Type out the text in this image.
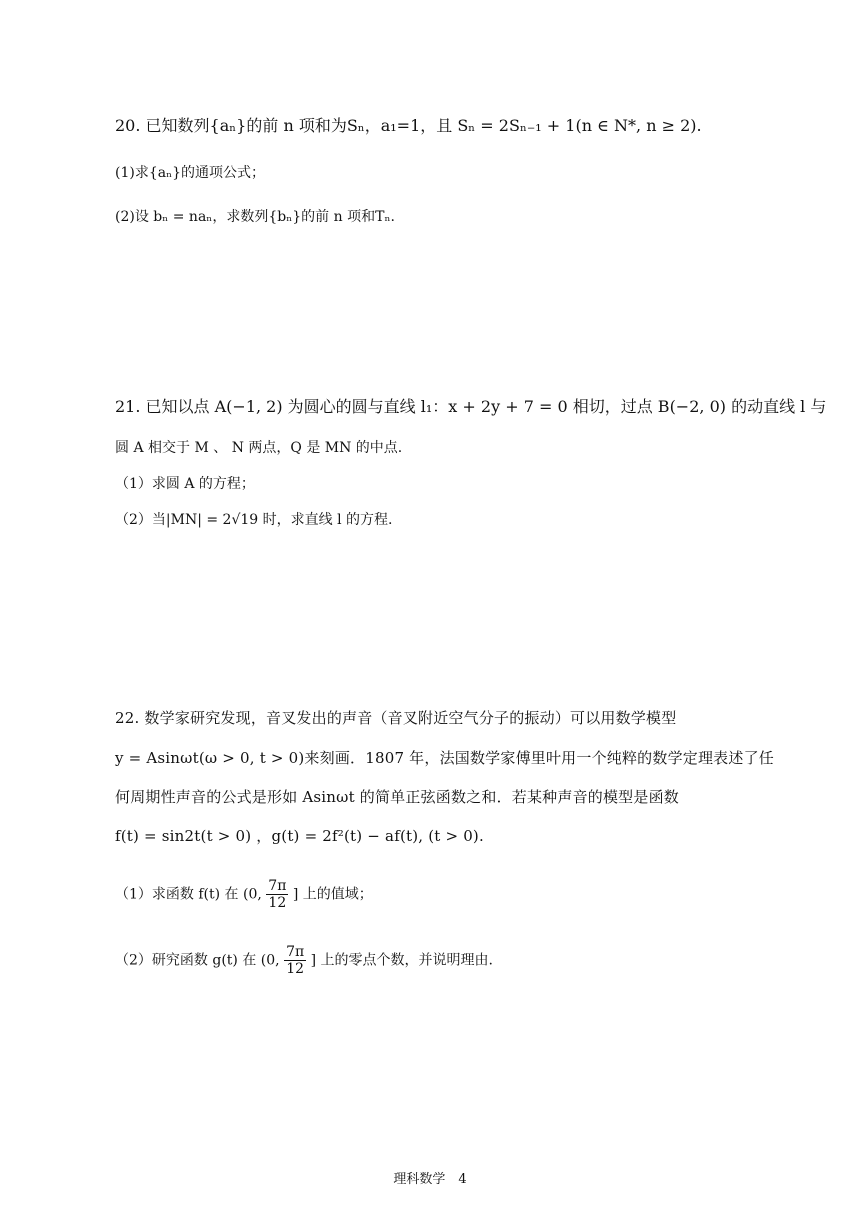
20. 已知数列{aₙ}的前 n 项和为Sₙ，a₁=1，且 Sₙ = 2Sₙ₋₁ + 1(n ∈ N*, n ≥ 2).
(1)求{aₙ}的通项公式；
(2)设 bₙ = naₙ，求数列{bₙ}的前 n 项和Tₙ.
21. 已知以点 A(−1, 2) 为圆心的圆与直线 l₁：x + 2y + 7 = 0 相切，过点 B(−2, 0) 的动直线 l 与
圆 A 相交于 M 、 N 两点，Q 是 MN 的中点.
（1）求圆 A 的方程；
（2）当|MN| = 2√19 时，求直线 l 的方程.
22. 数学家研究发现，音叉发出的声音（音叉附近空气分子的振动）可以用数学模型
y = Asinωt(ω > 0, t > 0)来刻画．1807 年，法国数学家傅里叶用一个纯粹的数学定理表述了任
何周期性声音的公式是形如 Asinωt 的简单正弦函数之和．若某种声音的模型是函数
f(t) = sin2t(t > 0) ，g(t) = 2f²(t) − af(t), (t > 0).
（1）求函数 f(t) 在 (0, $\frac{7\pi}{12}$ ] 上的值域；
（2）研究函数 g(t) 在 (0, $\frac{7\pi}{12}$ ] 上的零点个数，并说明理由.
理科数学　4
